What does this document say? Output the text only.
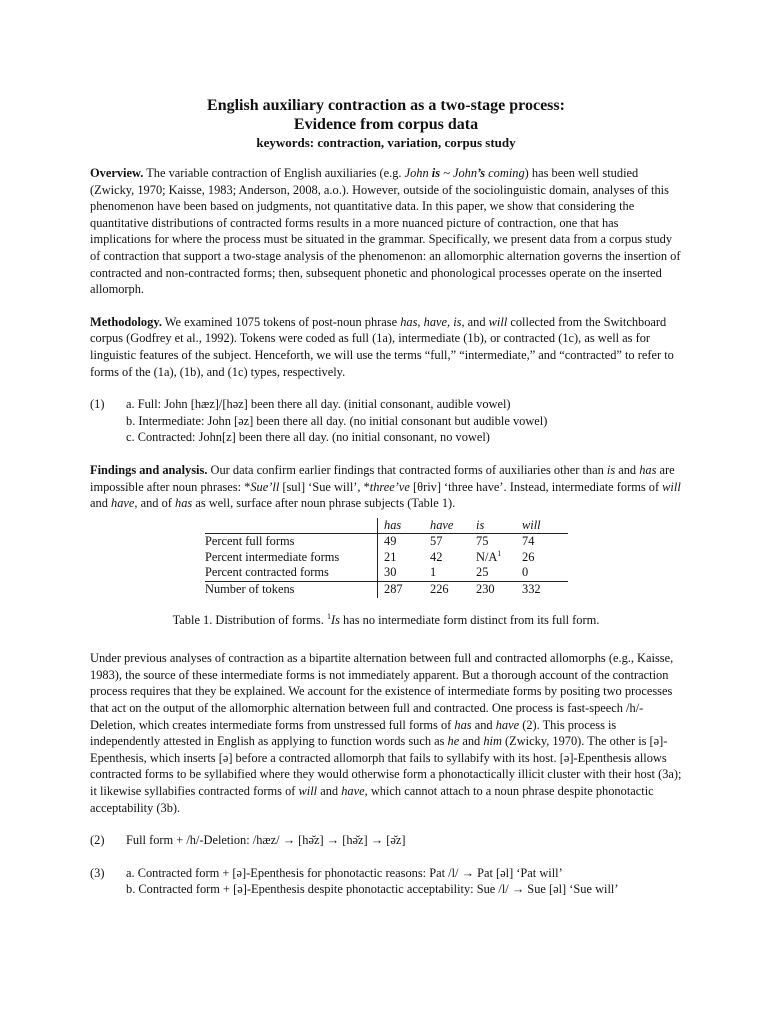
English auxiliary contraction as a two-stage process:
Evidence from corpus data
keywords: contraction, variation, corpus study

Overview. The variable contraction of English auxiliaries (e.g. John is ~ John’s coming) has been well studied (Zwicky, 1970; Kaisse, 1983; Anderson, 2008, a.o.). However, outside of the sociolinguistic domain, analyses of this phenomenon have been based on judgments, not quantitative data. In this paper, we show that considering the quantitative distributions of contracted forms results in a more nuanced picture of contraction, one that has implications for where the process must be situated in the grammar. Specifically, we present data from a corpus study of contraction that support a two-stage analysis of the phenomenon: an allomorphic alternation governs the insertion of contracted and non-contracted forms; then, subsequent phonetic and phonological processes operate on the inserted allomorph.

Methodology. We examined 1075 tokens of post-noun phrase has, have, is, and will collected from the Switchboard corpus (Godfrey et al., 1992). Tokens were coded as full (1a), intermediate (1b), or contracted (1c), as well as for linguistic features of the subject. Henceforth, we will use the terms “full,” “intermediate,” and “contracted” to refer to forms of the (1a), (1b), and (1c) types, respectively.

(1)	a. Full: John [hæz]/[həz] been there all day. (initial consonant, audible vowel)
b. Intermediate: John [əz] been there all day. (no initial consonant but audible vowel)
c. Contracted: John[z] been there all day. (no initial consonant, no vowel)

Findings and analysis. Our data confirm earlier findings that contracted forms of auxiliaries other than is and has are impossible after noun phrases: *Sue’ll [sul] ‘Sue will’, *three’ve [θriv] ‘three have’. Instead, intermediate forms of will and have, and of has as well, surface after noun phrase subjects (Table 1).

	has	have	is	will
Percent full forms	49	57	75	74
Percent intermediate forms	21	42	$N/A^1$	26
Percent contracted forms	30	1	25	0
Number of tokens	287	226	230	332
Table 1. Distribution of forms. $^1$Is has no intermediate form distinct from its full form.

Under previous analyses of contraction as a bipartite alternation between full and contracted allomorphs (e.g., Kaisse, 1983), the source of these intermediate forms is not immediately apparent. But a thorough account of the contraction process requires that they be explained. We account for the existence of intermediate forms by positing two processes that act on the output of the allomorphic alternation between full and contracted. One process is fast-speech /h/-Deletion, which creates intermediate forms from unstressed full forms of has and have (2). This process is independently attested in English as applying to function words such as he and him (Zwicky, 1970). The other is [ə]-Epenthesis, which inserts [ə] before a contracted allomorph that fails to syllabify with its host. [ə]-Epenthesis allows contracted forms to be syllabified where they would otherwise form a phonotactically illicit cluster with their host (3a); it likewise syllabifies contracted forms of will and have, which cannot attach to a noun phrase despite phonotactic acceptability (3b).

(2)	Full form + /h/-Deletion: /hæz/ → [hə̆z] → [hə̆z] → [ə̆z]
(3)	a. Contracted form + [ə]-Epenthesis for phonotactic reasons: Pat /l/ → Pat [əl] ‘Pat will’
b. Contracted form + [ə]-Epenthesis despite phonotactic acceptability: Sue /l/ → Sue [əl] ‘Sue will’
